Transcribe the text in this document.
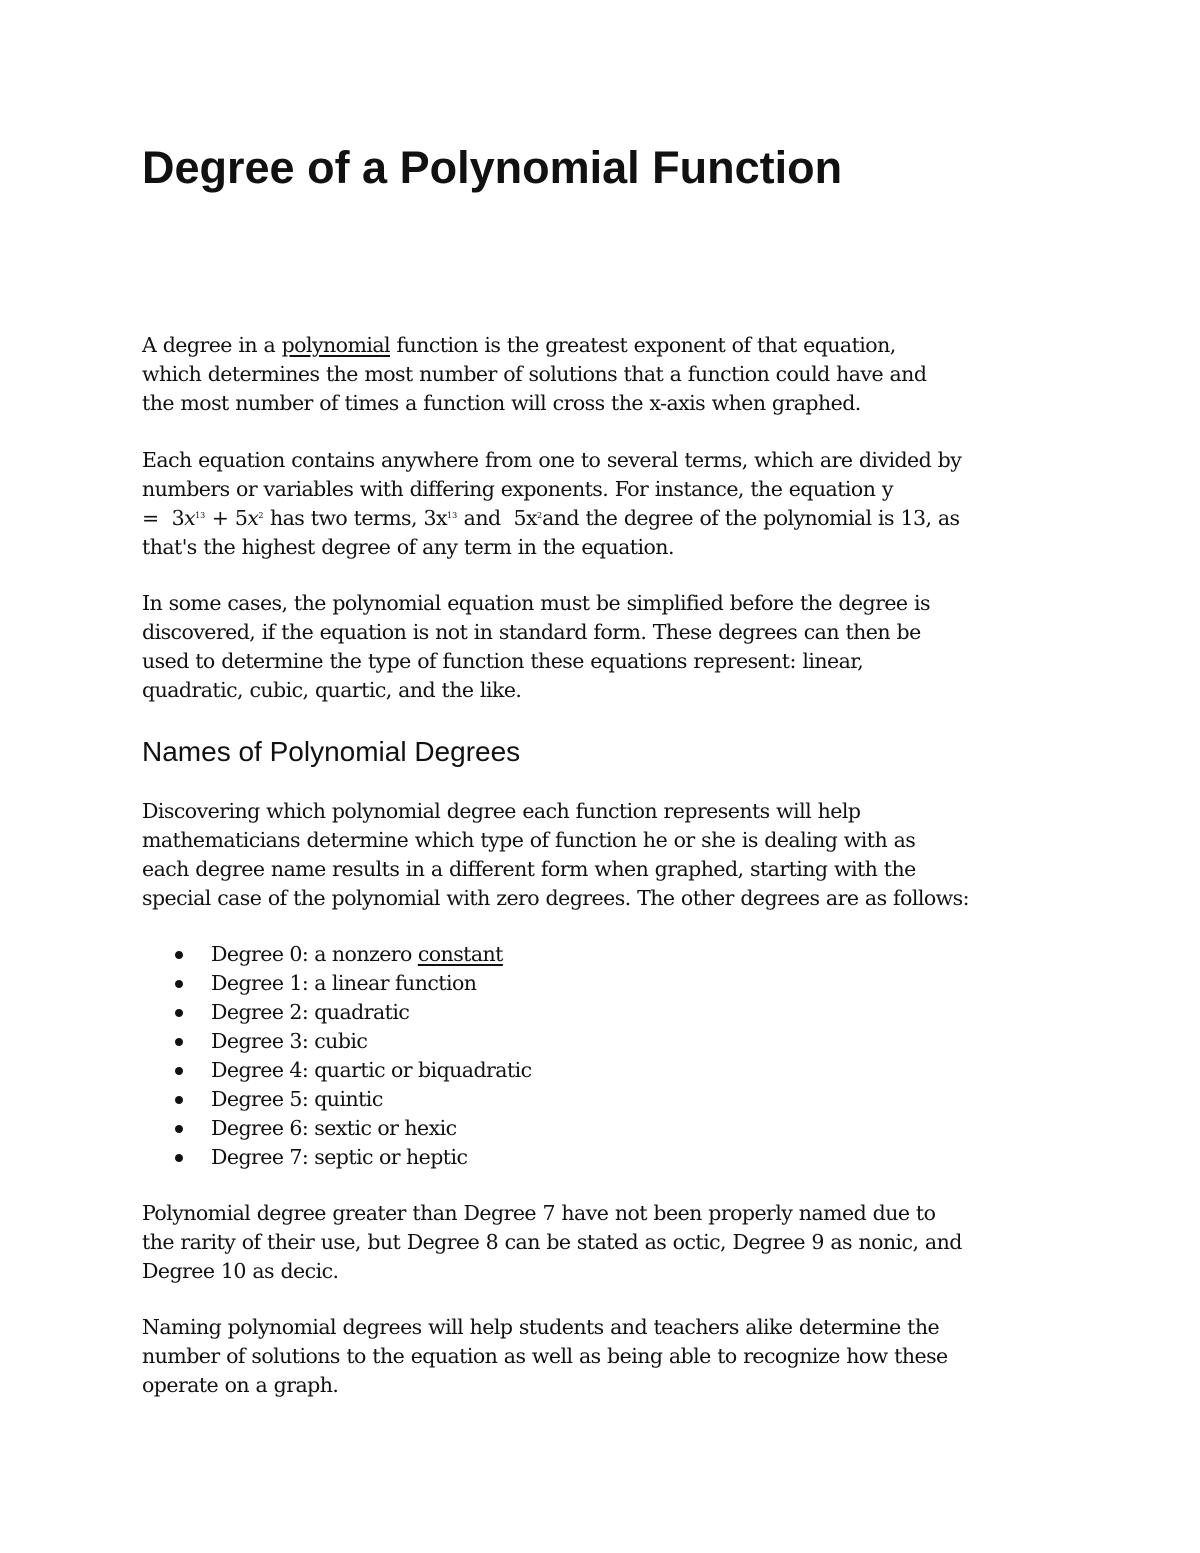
Degree of a Polynomial Function

A degree in a polynomial function is the greatest exponent of that equation,
which determines the most number of solutions that a function could have and
the most number of times a function will cross the x-axis when graphed.

Each equation contains anywhere from one to several terms, which are divided by
numbers or variables with differing exponents. For instance, the equation y
= $3x^{13} + 5x^2$ has two terms, $3x^{13}$ and $5x^2and$ the degree of the polynomial is 13, as
that's the highest degree of any term in the equation.

In some cases, the polynomial equation must be simplified before the degree is
discovered, if the equation is not in standard form. These degrees can then be
used to determine the type of function these equations represent: linear,
quadratic, cubic, quartic, and the like.

Names of Polynomial Degrees

Discovering which polynomial degree each function represents will help
mathematicians determine which type of function he or she is dealing with as
each degree name results in a different form when graphed, starting with the
special case of the polynomial with zero degrees. The other degrees are as follows:

Degree 0: a nonzero constant
Degree 1: a linear function
Degree 2: quadratic
Degree 3: cubic
Degree 4: quartic or biquadratic
Degree 5: quintic
Degree 6: sextic or hexic
Degree 7: septic or heptic

Polynomial degree greater than Degree 7 have not been properly named due to
the rarity of their use, but Degree 8 can be stated as octic, Degree 9 as nonic, and
Degree 10 as decic.

Naming polynomial degrees will help students and teachers alike determine the
number of solutions to the equation as well as being able to recognize how these
operate on a graph.
